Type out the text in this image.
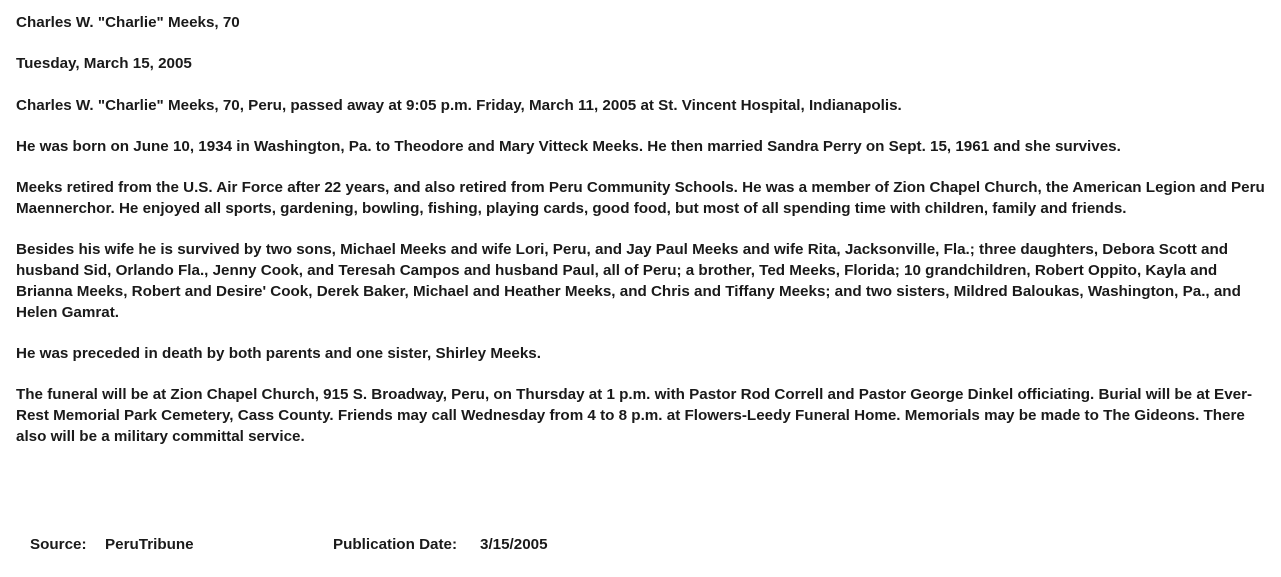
Charles W. "Charlie" Meeks, 70

Tuesday, March 15, 2005

Charles W. "Charlie" Meeks, 70, Peru, passed away at 9:05 p.m. Friday, March 11, 2005 at St. Vincent Hospital, Indianapolis.

He was born on June 10, 1934 in Washington, Pa. to Theodore and Mary Vitteck Meeks. He then married Sandra Perry on Sept. 15, 1961 and she survives.

Meeks retired from the U.S. Air Force after 22 years, and also retired from Peru Community Schools. He was a member of Zion Chapel Church, the American Legion and Peru Maennerchor. He enjoyed all sports, gardening, bowling, fishing, playing cards, good food, but most of all spending time with children, family and friends.

Besides his wife he is survived by two sons, Michael Meeks and wife Lori, Peru, and Jay Paul Meeks and wife Rita, Jacksonville, Fla.; three daughters, Debora Scott and husband Sid, Orlando Fla., Jenny Cook, and Teresah Campos and husband Paul, all of Peru; a brother, Ted Meeks, Florida; 10 grandchildren, Robert Oppito, Kayla and Brianna Meeks, Robert and Desire' Cook, Derek Baker, Michael and Heather Meeks, and Chris and Tiffany Meeks; and two sisters, Mildred Baloukas, Washington, Pa., and Helen Gamrat.

He was preceded in death by both parents and one sister, Shirley Meeks.

The funeral will be at Zion Chapel Church, 915 S. Broadway, Peru, on Thursday at 1 p.m. with Pastor Rod Correll and Pastor George Dinkel officiating. Burial will be at Ever-Rest Memorial Park Cemetery, Cass County. Friends may call Wednesday from 4 to 8 p.m. at Flowers-Leedy Funeral Home. Memorials may be made to The Gideons. There also will be a military committal service.

Source: PeruTribune	Publication Date: 3/15/2005
